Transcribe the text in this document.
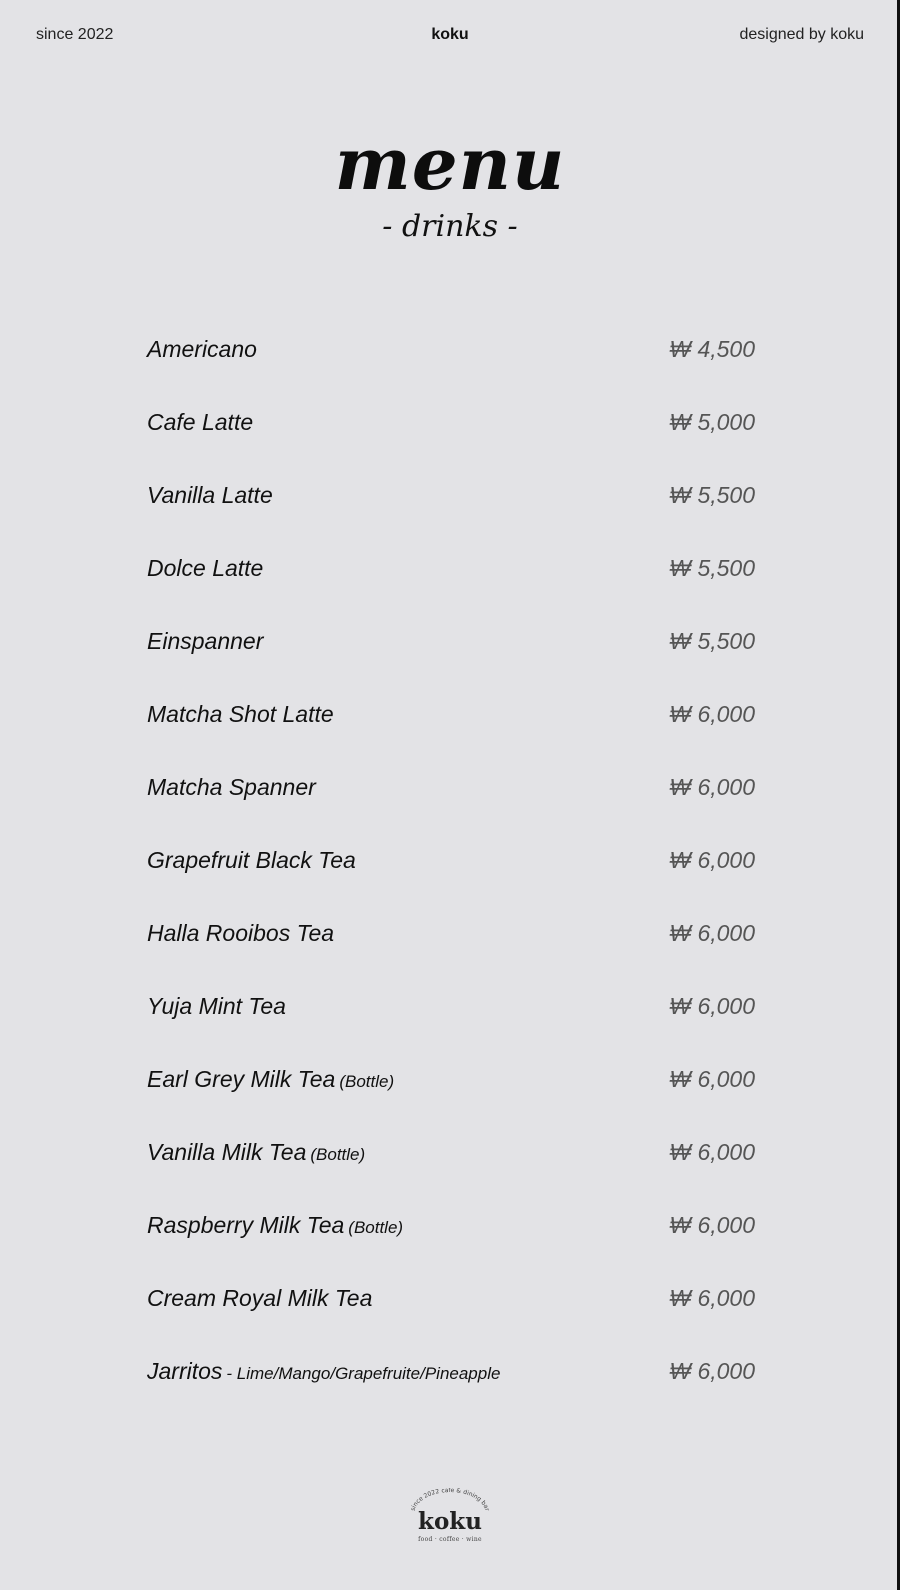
since 2022	koku	designed by koku
menu
- drinks -
Americano	₩ 4,500
Cafe Latte	₩ 5,000
Vanilla Latte	₩ 5,500
Dolce Latte	₩ 5,500
Einspanner	₩ 5,500
Matcha Shot Latte	₩ 6,000
Matcha Spanner	₩ 6,000
Grapefruit Black Tea	₩ 6,000
Halla Rooibos Tea	₩ 6,000
Yuja Mint Tea	₩ 6,000
Earl Grey Milk Tea (Bottle)	₩ 6,000
Vanilla Milk Tea (Bottle)	₩ 6,000
Raspberry Milk Tea (Bottle)	₩ 6,000
Cream Royal Milk Tea	₩ 6,000
Jarritos - Lime/Mango/Grapefruite/Pineapple	₩ 6,000
since 2022 cafe & dining bar
koku
food · coffee · wine
